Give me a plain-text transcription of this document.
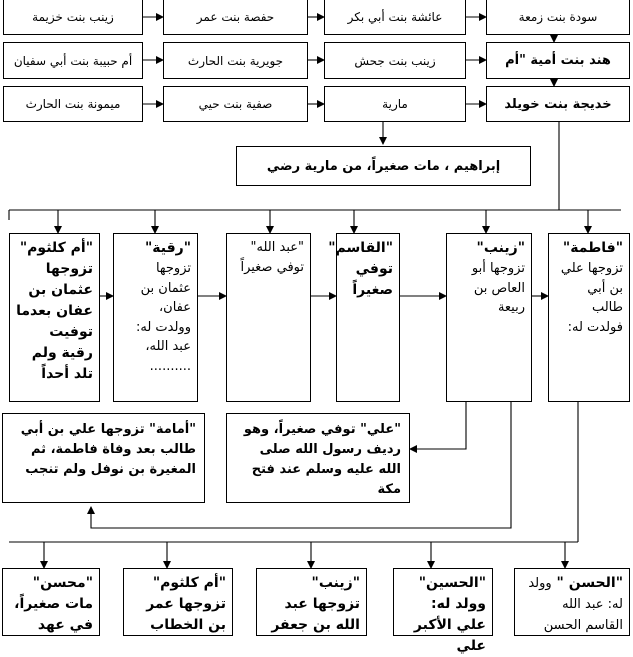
سودة بنت زمعة
عائشة بنت أبي بكر
حفصة بنت عمر
زينب بنت خزيمة
هند بنت أمية "أم
زينب بنت جحش
جويرية بنت الحارث
أم حبيبة بنت أبي سفيان
خديجة بنت خويلد
مارية
صفية بنت حيي
ميمونة بنت الحارث
إبراهيم ، مات صغيراً، من مارية رضي
"فاطمة"
تزوجها علي بن أبي طالب فولدت له:
"زينب"
تزوجها أبو العاص بن ربيعة
"القاسم"
توفي صغيراً
"عبد الله"
توفي صغيراً
"رقية"
تزوجها عثمان بن عفان، وولدت له: عبد الله، ..........
"أم كلثوم"
تزوجها عثمان بن عفان بعدما توفيت رقية ولم تلد أحداً
"علي" توفي صغيراً، وهو رديف رسول الله صلى الله عليه وسلم عند فتح مكة
"أمامة" تزوجها علي بن أبي طالب بعد وفاة فاطمة، ثم المغيرة بن نوفل ولم تنجب
"الحسن " وولد له: عبد الله القاسم الحسن
"الحسين"
وولد له: علي الأكبر علي
"زينب"
تزوجها عبد الله بن جعفر
"أم كلثوم"
تزوجها عمر بن الخطاب
"محسن"
مات صغيراً، في عهد
